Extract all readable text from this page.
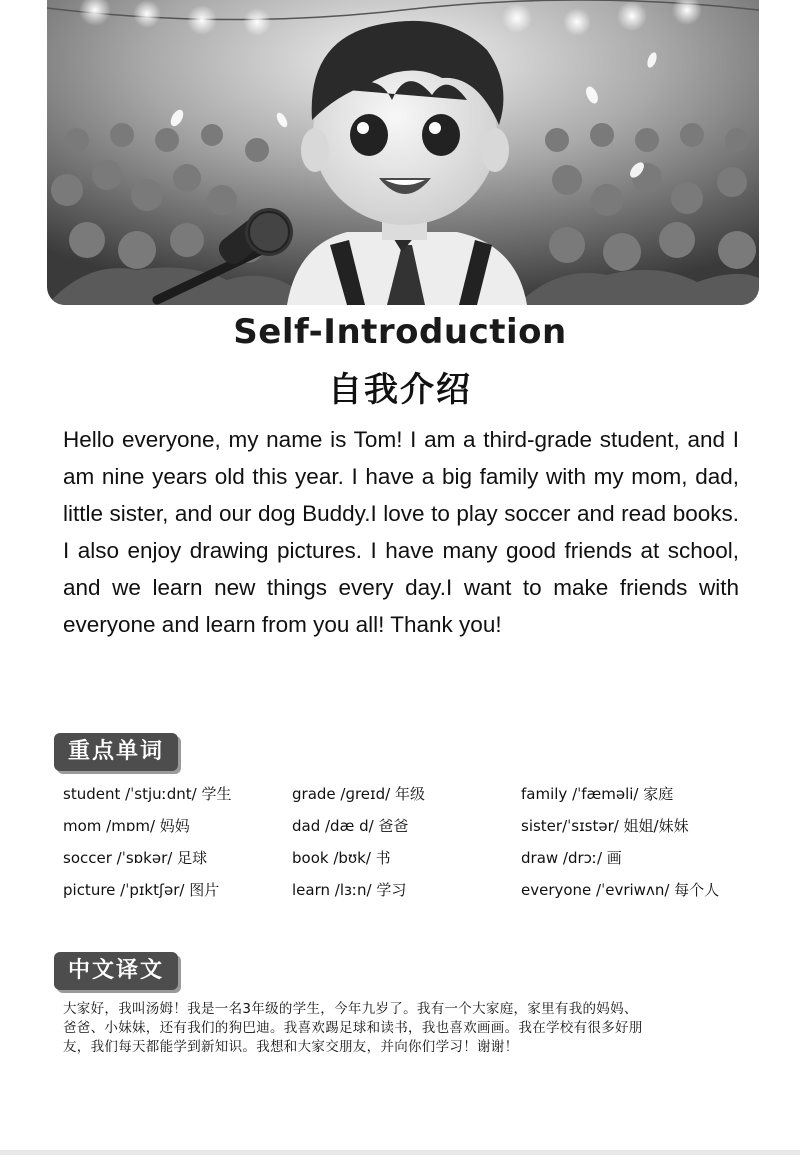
Self-Introduction
自我介绍

Hello everyone, my name is Tom! I am a third-grade student, and I am nine years old this year. I have a big family with my mom, dad, little sister, and our dog Buddy.I love to play soccer and read books. I also enjoy drawing pictures. I have many good friends at school, and we learn new things every day.I want to make friends with everyone and learn from you all! Thank you!

重点单词
student /ˈstjuːdnt/ 学生	grade /ɡreɪd/ 年级	family /ˈfæməli/ 家庭
mom /mɒm/ 妈妈	dad /dæ d/ 爸爸	sister/ˈsɪstər/ 姐姐/妹妹
soccer /ˈsɒkər/ 足球	book /bʊk/ 书	draw /drɔː/ 画
picture /ˈpɪktʃər/ 图片	learn /lɜːn/ 学习	everyone /ˈevriwʌn/ 每个人
中文译文

大家好，我叫汤姆！我是一名3年级的学生，今年九岁了。我有一个大家庭，家里有我的妈妈、爸爸、小妹妹，还有我们的狗巴迪。我喜欢踢足球和读书，我也喜欢画画。我在学校有很多好朋友，我们每天都能学到新知识。我想和大家交朋友，并向你们学习！谢谢！
